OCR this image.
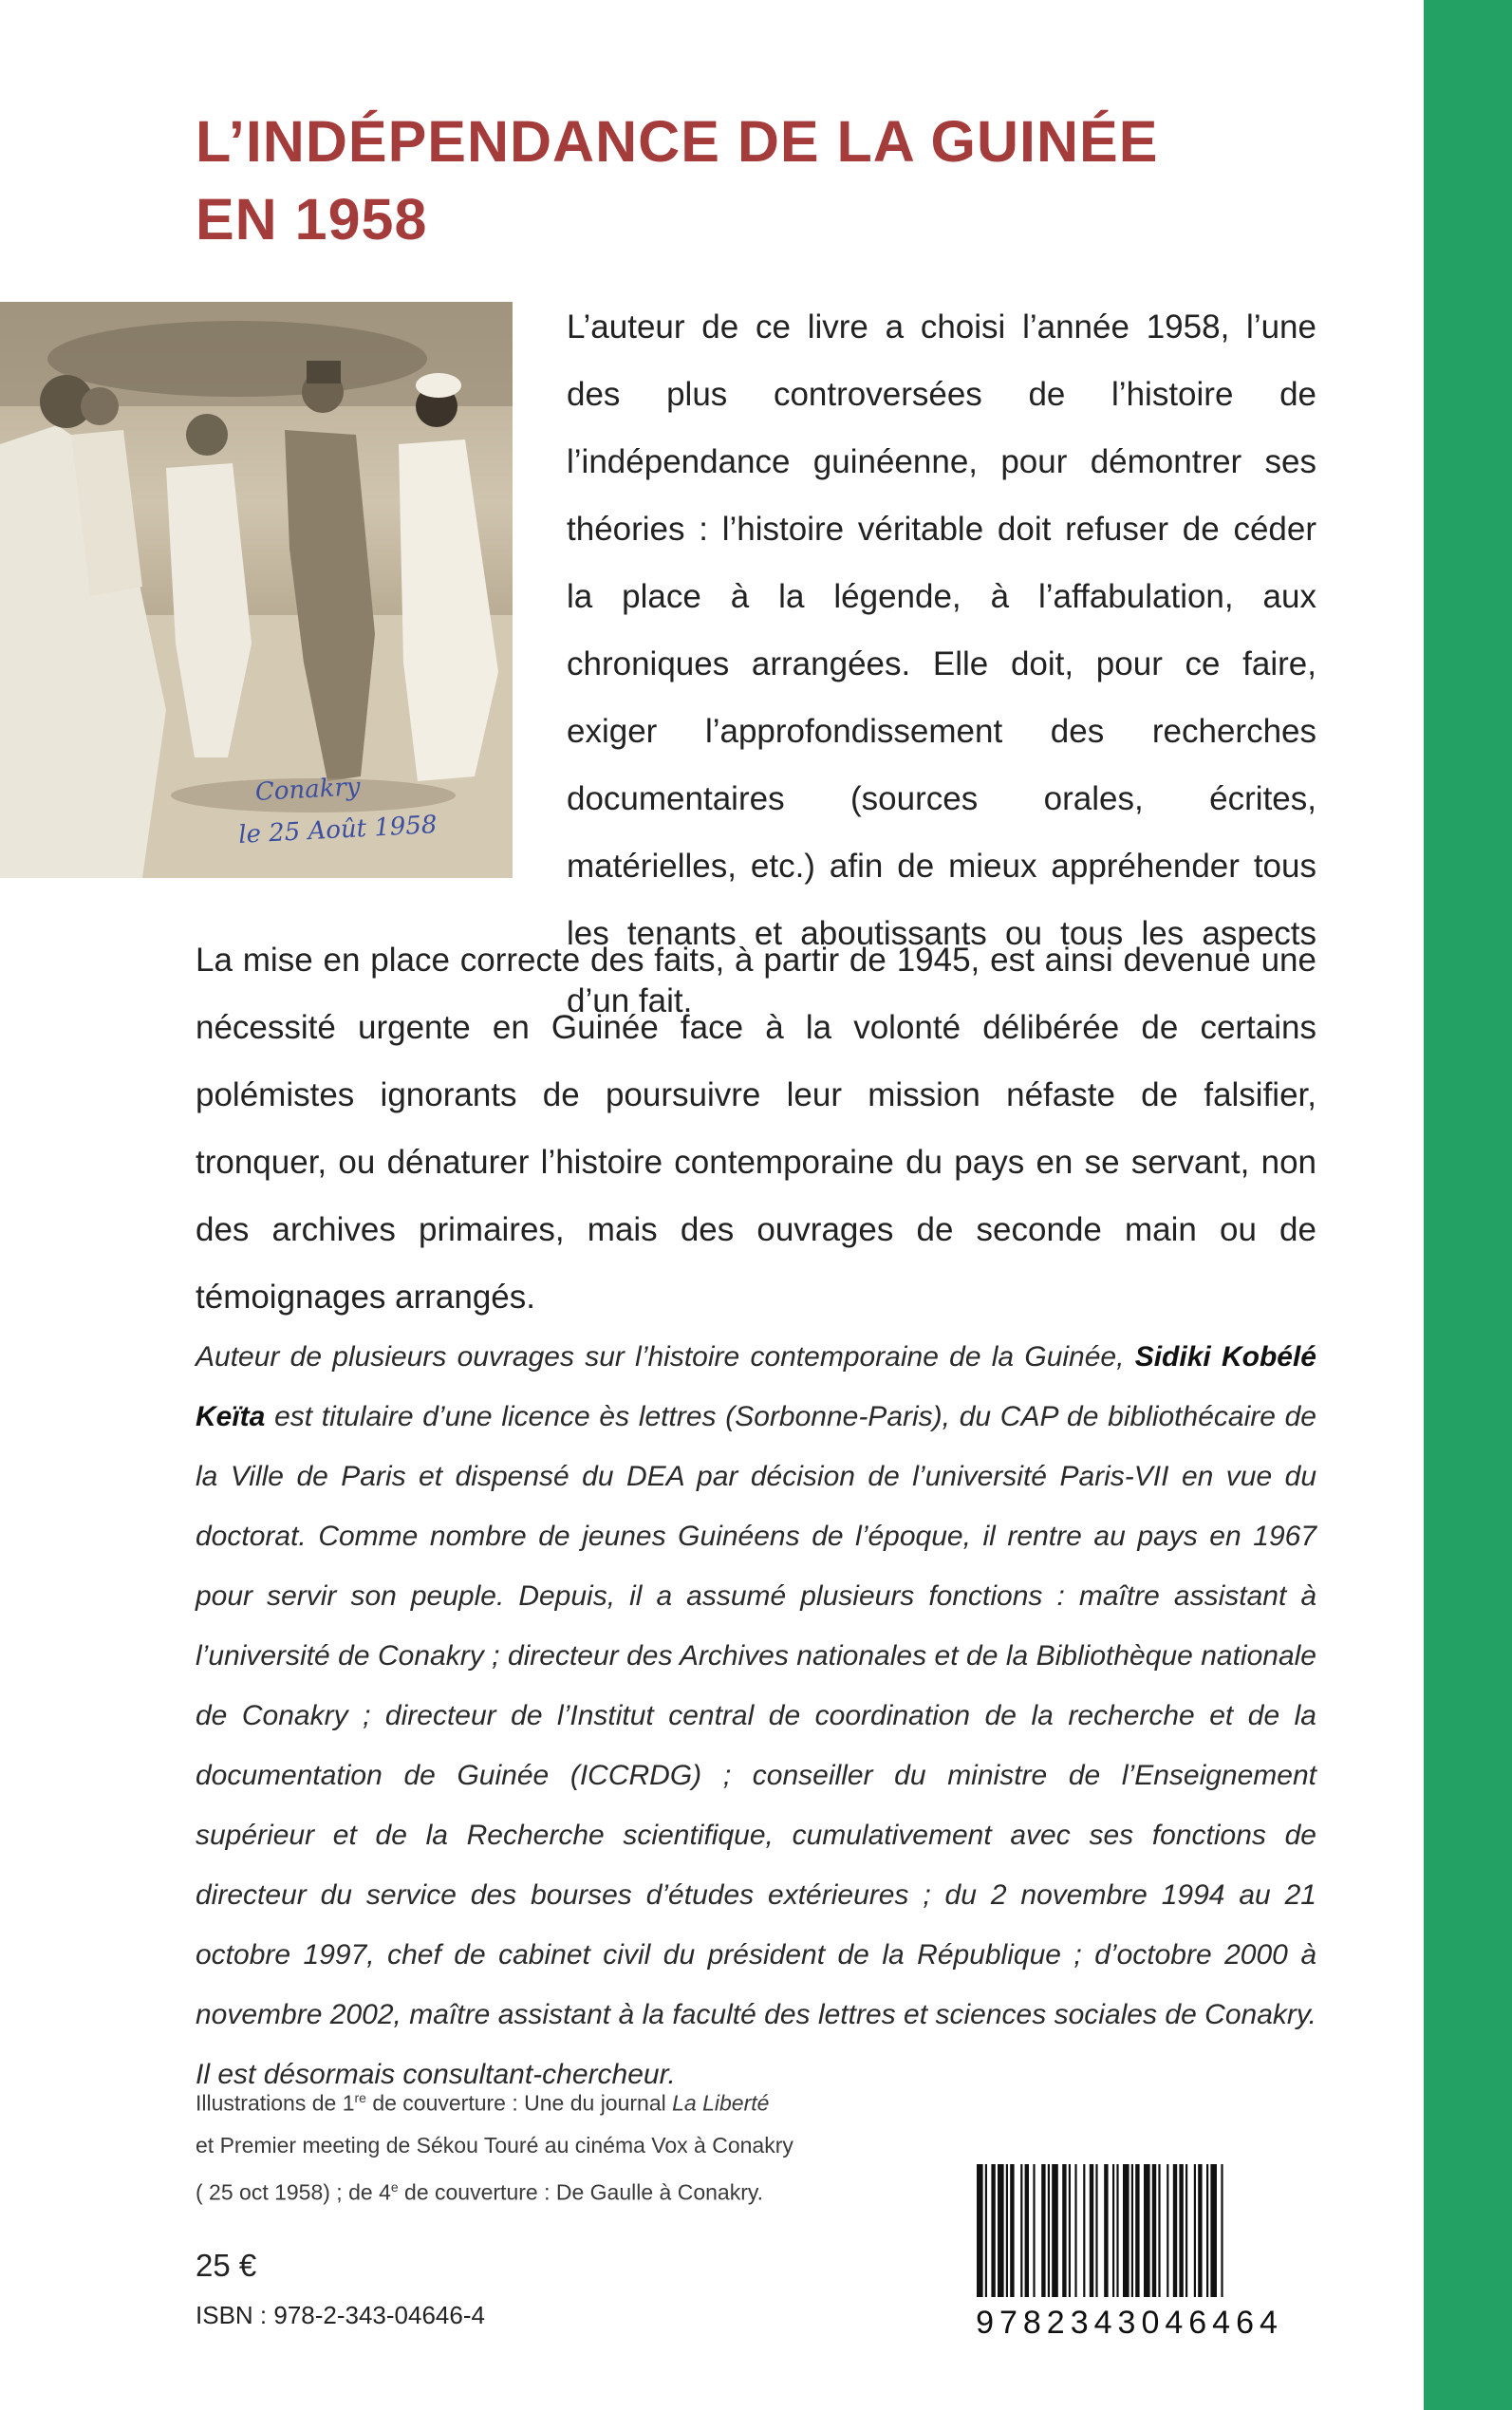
L’INDÉPENDANCE DE LA GUINÉE
EN 1958
Conakry
le 25 Août 1958

L’auteur de ce livre a choisi l’année 1958, l’une des plus controversées de l’histoire de l’indépendance guinéenne, pour démontrer ses théories : l’histoire véritable doit refuser de céder la place à la légende, à l’affabulation, aux chroniques arrangées. Elle doit, pour ce faire, exiger l’approfondissement des recherches documentaires (sources orales, écrites, matérielles, etc.) afin de mieux appréhender tous les tenants et aboutissants ou tous les aspects d’un fait.

La mise en place correcte des faits, à partir de 1945, est ainsi devenue une nécessité urgente en Guinée face à la volonté délibérée de certains polémistes ignorants de poursuivre leur mission néfaste de falsifier, tronquer, ou dénaturer l’histoire contemporaine du pays en se servant, non des archives primaires, mais des ouvrages de seconde main ou de témoignages arrangés.

Auteur de plusieurs ouvrages sur l’histoire contemporaine de la Guinée, Sidiki Kobélé Keïta est titulaire d’une licence ès lettres (Sorbonne-Paris), du CAP de bibliothécaire de la Ville de Paris et dispensé du DEA par décision de l’université Paris-VII en vue du doctorat. Comme nombre de jeunes Guinéens de l’époque, il rentre au pays en 1967 pour servir son peuple. Depuis, il a assumé plusieurs fonctions : maître assistant à l’université de Conakry ; directeur des Archives nationales et de la Bibliothèque nationale de Conakry ; directeur de l’Institut central de coordination de la recherche et de la documentation de Guinée (ICCRDG) ; conseiller du ministre de l’Enseignement supérieur et de la Recherche scientifique, cumulativement avec ses fonctions de directeur du service des bourses d’études extérieures ; du 2 novembre 1994 au 21 octobre 1997, chef de cabinet civil du président de la République ; d’octobre 2000 à novembre 2002, maître assistant à la faculté des lettres et sciences sociales de Conakry. Il est désormais consultant-chercheur.

Illustrations de 1re de couverture : Une du journal La Liberté
et Premier meeting de Sékou Touré au cinéma Vox à Conakry
( 25 oct 1958) ; de 4e de couverture : De Gaulle à Conakry.
25 €
ISBN : 978-2-343-04646-4	9782343046464
